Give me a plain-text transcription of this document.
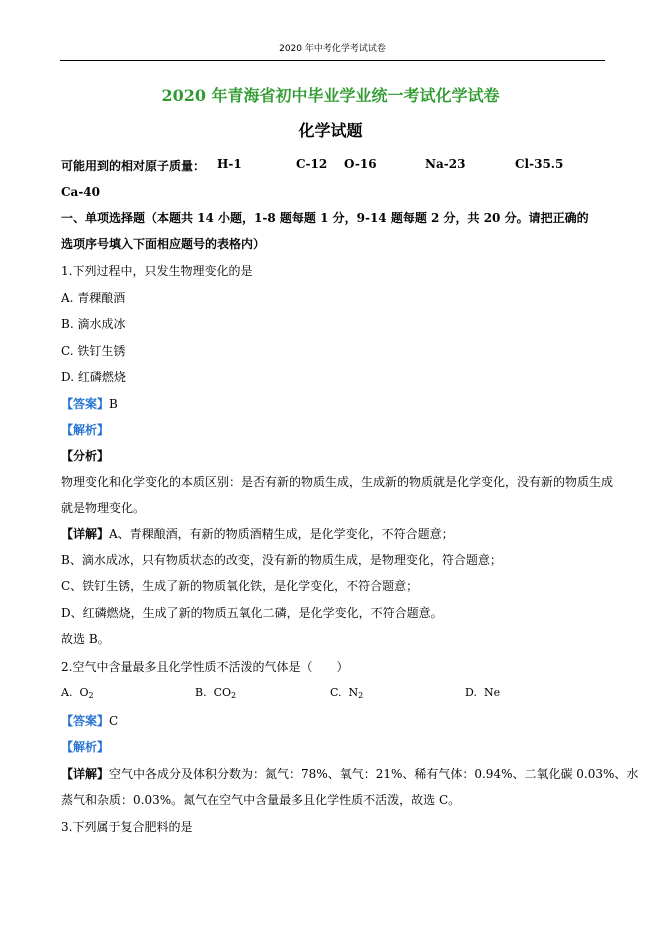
2020 年中考化学考试试卷
2020 年青海省初中毕业学业统一考试化学试卷
化学试题
可能用到的相对原子质量： H-1	C-12 O-16	Na-23	Cl-35.5
Ca-40
一、单项选择题（本题共 14 小题，1-8 题每题 1 分，9-14 题每题 2 分，共 20 分。请把正确的
选项序号填入下面相应题号的表格内）
1.下列过程中，只发生物理变化的是
A. 青稞酿酒
B. 滴水成冰
C. 铁钉生锈
D. 红磷燃烧
【答案】B
【解析】
【分析】
物理变化和化学变化的本质区别：是否有新的物质生成，生成新的物质就是化学变化，没有新的物质生成
就是物理变化。
【详解】A、青稞酿酒，有新的物质酒精生成，是化学变化，不符合题意；
B、滴水成冰，只有物质状态的改变，没有新的物质生成，是物理变化，符合题意；
C、铁钉生锈，生成了新的物质氧化铁，是化学变化，不符合题意；
D、红磷燃烧，生成了新的物质五氧化二磷，是化学变化，不符合题意。
故选 B。
2.空气中含量最多且化学性质不活泼的气体是（　　）
A. $O_2$	B. $CO_2$	C. $N_2$	D. Ne
【答案】C
【解析】
【详解】空气中各成分及体积分数为：氮气：78%、氧气：21%、稀有气体：0.94%、二氧化碳 0.03%、水
蒸气和杂质：0.03%。氮气在空气中含量最多且化学性质不活泼，故选 C。
3.下列属于复合肥料的是
